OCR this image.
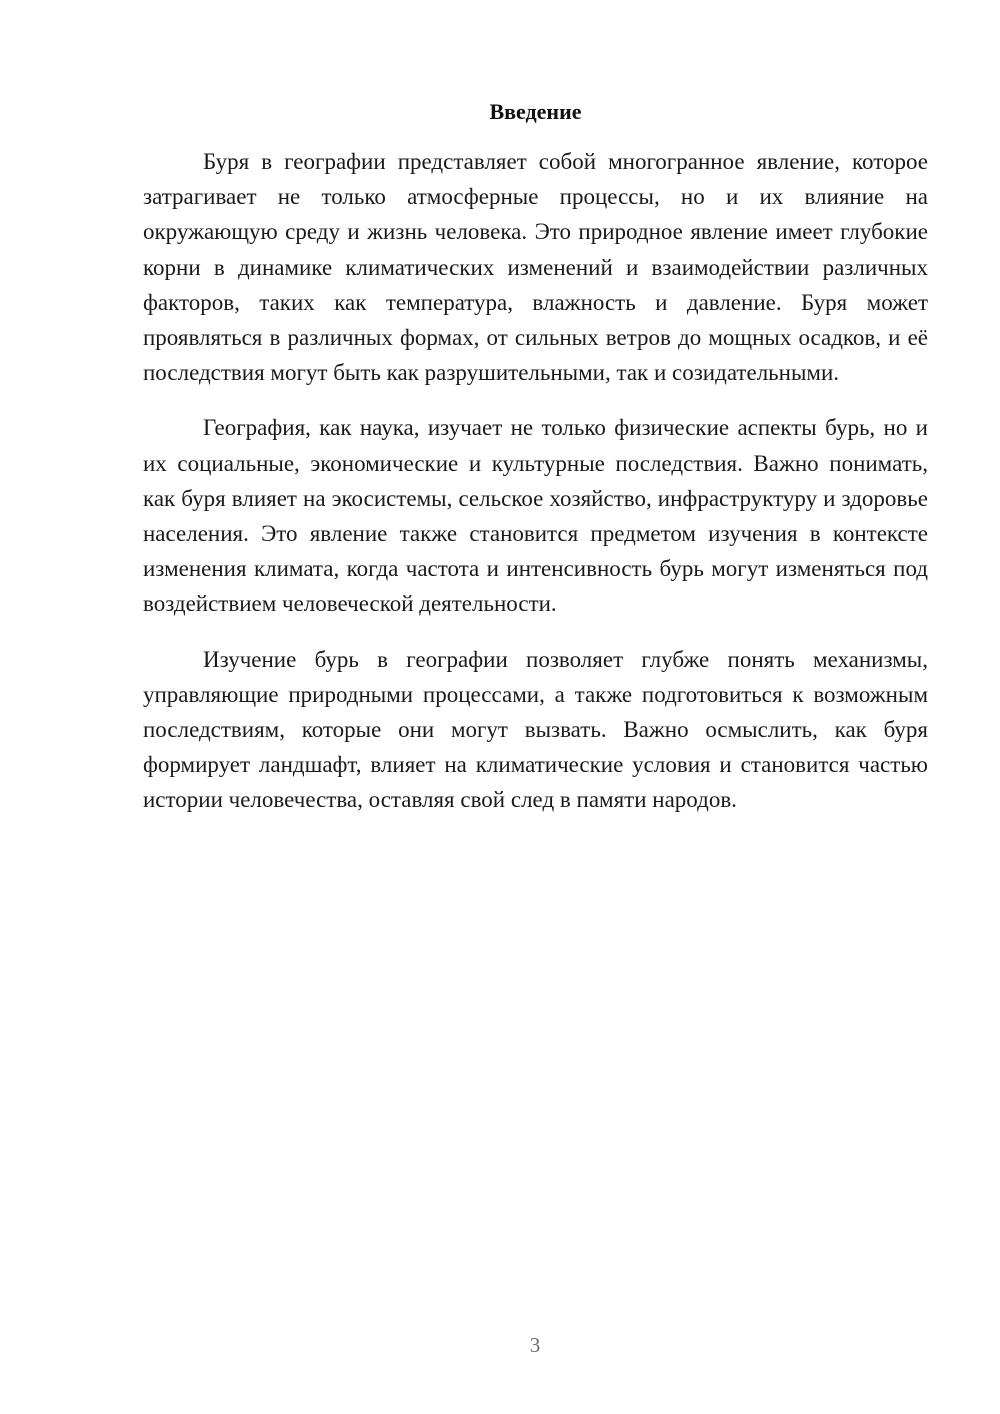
Введение

Буря в географии представляет собой многогранное явление, которое затрагивает не только атмосферные процессы, но и их влияние на окружающую среду и жизнь человека. Это природное явление имеет глубокие корни в динамике климатических изменений и взаимодействии различных факторов, таких как температура, влажность и давление. Буря может проявляться в различных формах, от сильных ветров до мощных осадков, и её последствия могут быть как разрушительными, так и созидательными.

География, как наука, изучает не только физические аспекты бурь, но и их социальные, экономические и культурные последствия. Важно понимать, как буря влияет на экосистемы, сельское хозяйство, инфраструктуру и здоровье населения. Это явление также становится предметом изучения в контексте изменения климата, когда частота и интенсивность бурь могут изменяться под воздействием человеческой деятельности.

Изучение бурь в географии позволяет глубже понять механизмы, управляющие природными процессами, а также подготовиться к возможным последствиям, которые они могут вызвать. Важно осмыслить, как буря формирует ландшафт, влияет на климатические условия и становится частью истории человечества, оставляя свой след в памяти народов.

3
